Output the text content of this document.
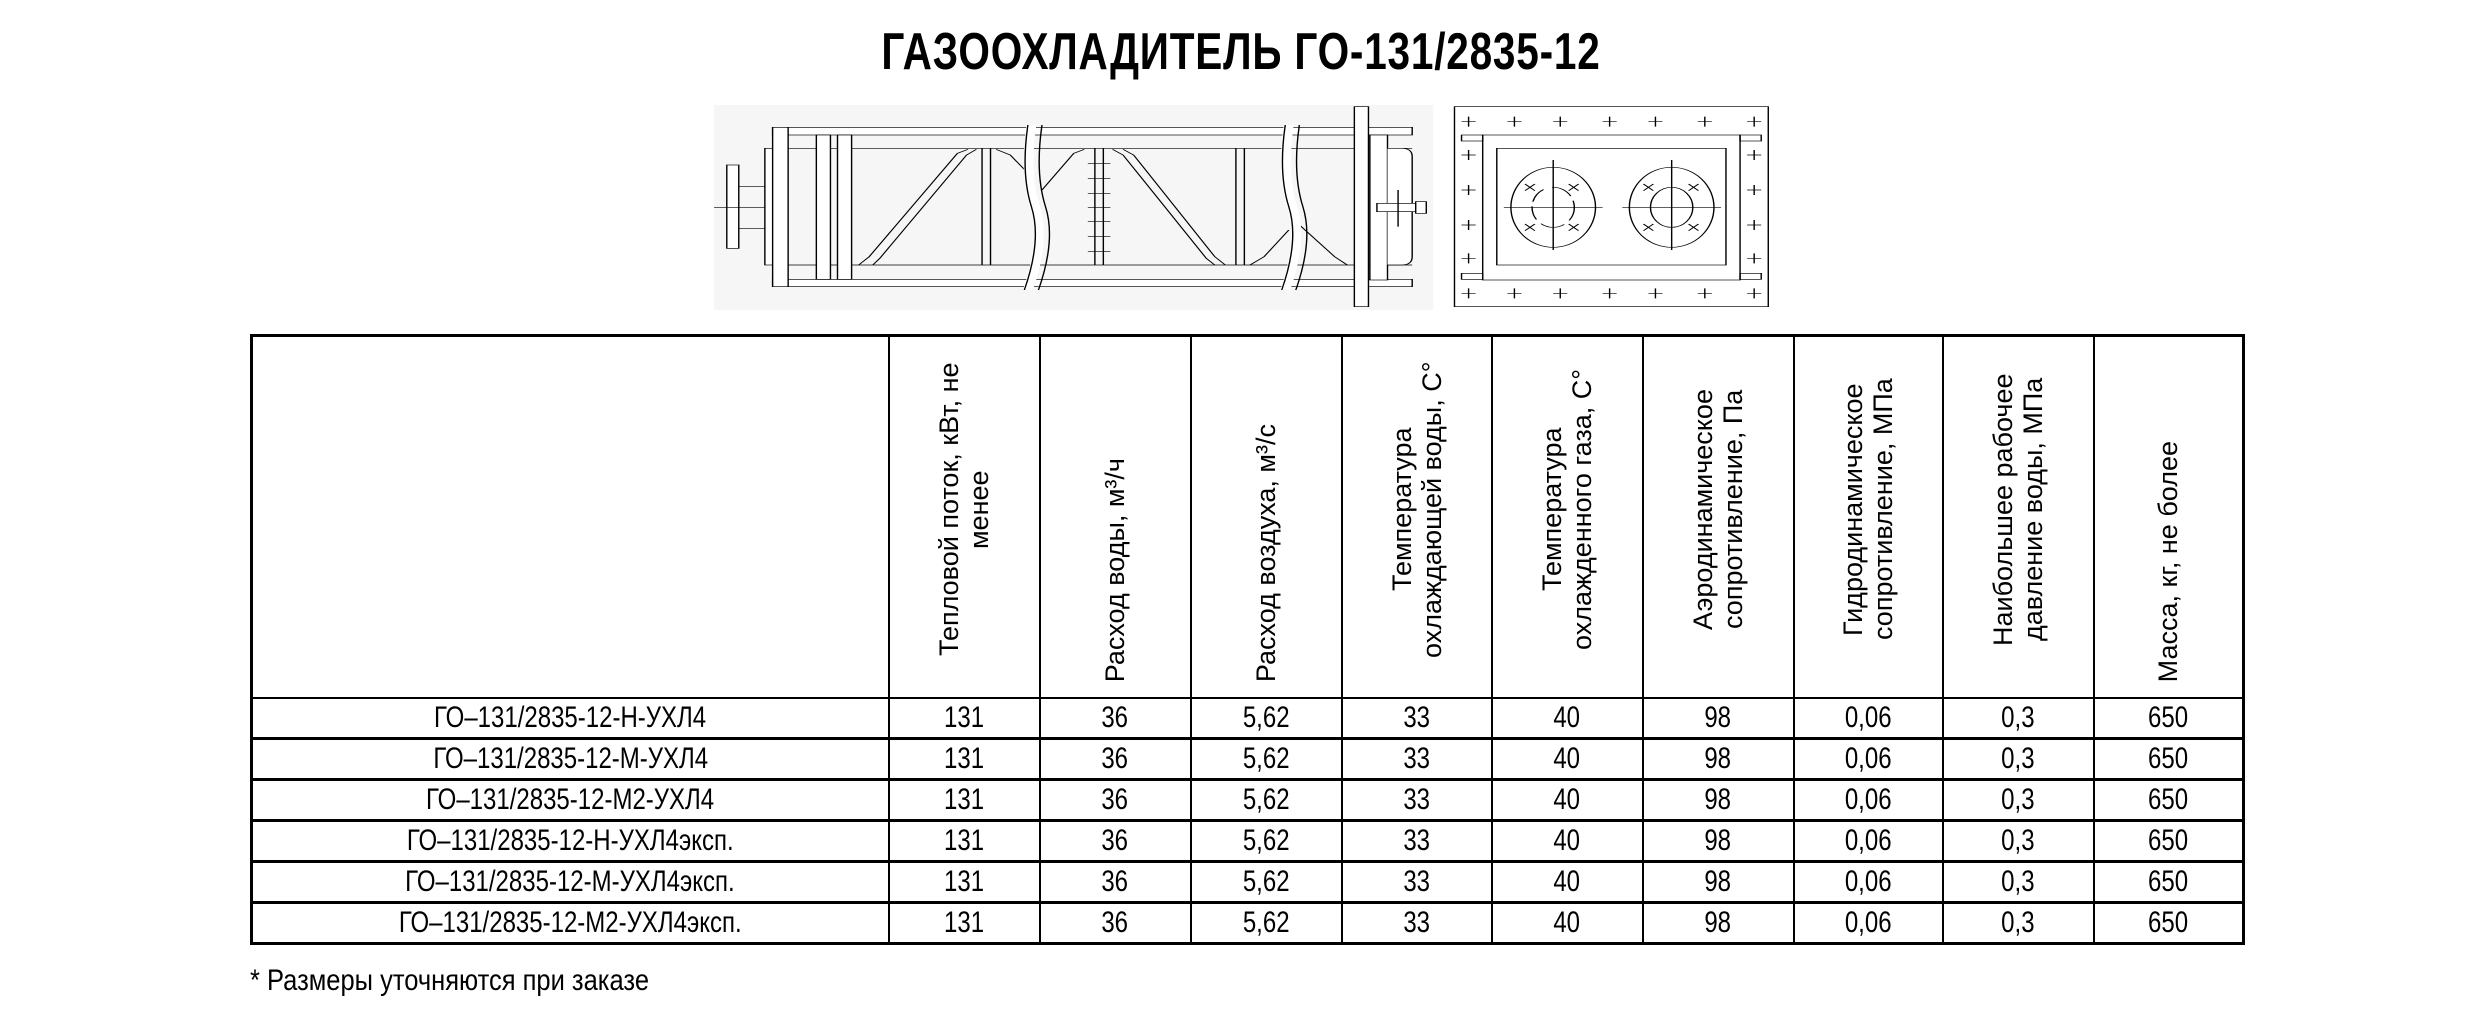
ГАЗООХЛАДИТЕЛЬ ГО-131/2835-12
	Тепловой поток, кВт, не менее	Расход воды, м³/ч	Расход воздуха, м³/с	Температура охлаждающей воды, С°	Температура охлажденного газа, С°	Аэродинамическое сопротивление, Па	Гидродинамическое сопротивление, МПа	Наибольшее рабочее давление воды, МПа	Масса, кг, не более
ГО–131/2835-12-Н-УХЛ4	131	36	5,62	33	40	98	0,06	0,3	650
ГО–131/2835-12-М-УХЛ4	131	36	5,62	33	40	98	0,06	0,3	650
ГО–131/2835-12-М2-УХЛ4	131	36	5,62	33	40	98	0,06	0,3	650
ГО–131/2835-12-Н-УХЛ4эксп.	131	36	5,62	33	40	98	0,06	0,3	650
ГО–131/2835-12-М-УХЛ4эксп.	131	36	5,62	33	40	98	0,06	0,3	650
ГО–131/2835-12-М2-УХЛ4эксп.	131	36	5,62	33	40	98	0,06	0,3	650
* Размеры уточняются при заказе
